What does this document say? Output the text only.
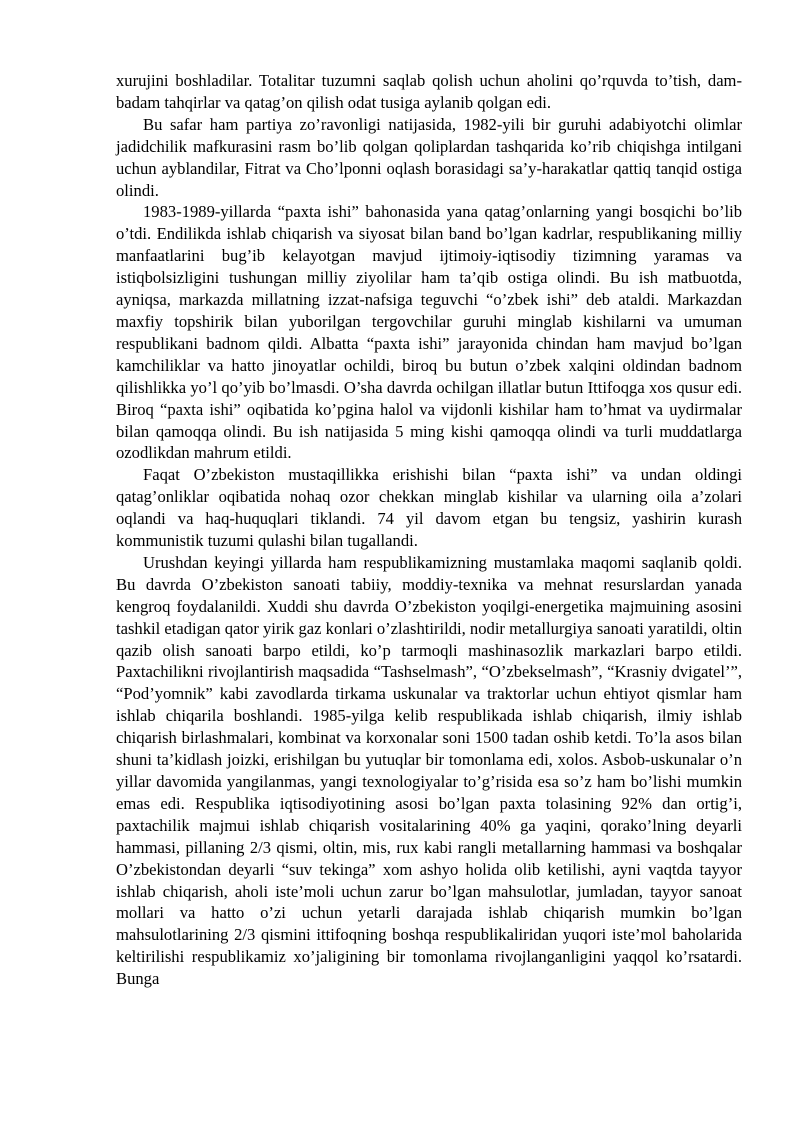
xurujini boshladilar. Totalitar tuzumni saqlab qolish uchun aholini qo’rquvda to’tish, dam-badam tahqirlar va qatag’on qilish odat tusiga aylanib qolgan edi.

Bu safar ham partiya zo’ravonligi natijasida, 1982-yili bir guruhi adabiyotchi olimlar jadidchilik mafkurasini rasm bo’lib qolgan qoliplardan tashqarida ko’rib chiqishga intilgani uchun ayblandilar, Fitrat va Cho’lponni oqlash borasidagi sa’y-harakatlar qattiq tanqid ostiga olindi.

1983-1989-yillarda “paxta ishi” bahonasida yana qatag’onlarning yangi bosqichi bo’lib o’tdi. Endilikda ishlab chiqarish va siyosat bilan band bo’lgan kadrlar, respublikaning milliy manfaatlarini bug’ib kelayotgan mavjud ijtimoiy-iqtisodiy tizimning yaramas va istiqbolsizligini tushungan milliy ziyolilar ham ta’qib ostiga olindi. Bu ish matbuotda, ayniqsa, markazda millatning izzat-nafsiga teguvchi “o’zbek ishi” deb ataldi. Markazdan maxfiy topshirik bilan yuborilgan tergovchilar guruhi minglab kishilarni va umuman respublikani badnom qildi. Albatta “paxta ishi” jarayonida chindan ham mavjud bo’lgan kamchiliklar va hatto jinoyatlar ochildi, biroq bu butun o’zbek xalqini oldindan badnom qilishlikka yo’l qo’yib bo’lmasdi. O’sha davrda ochilgan illatlar butun Ittifoqga xos qusur edi. Biroq “paxta ishi” oqibatida ko’pgina halol va vijdonli kishilar ham to’hmat va uydirmalar bilan qamoqqa olindi. Bu ish natijasida 5 ming kishi qamoqqa olindi va turli muddatlarga ozodlikdan mahrum etildi.

Faqat O’zbekiston mustaqillikka erishishi bilan “paxta ishi” va undan oldingi qatag’onliklar oqibatida nohaq ozor chekkan minglab kishilar va ularning oila a’zolari oqlandi va haq-huquqlari tiklandi. 74 yil davom etgan bu tengsiz, yashirin kurash kommunistik tuzumi qulashi bilan tugallandi.

Urushdan keyingi yillarda ham respublikamizning mustamlaka maqomi saqlanib qoldi. Bu davrda O’zbekiston sanoati tabiiy, moddiy-texnika va mehnat resurslardan yanada kengroq foydalanildi. Xuddi shu davrda O’zbekiston yoqilgi-energetika majmuining asosini tashkil etadigan qator yirik gaz konlari o’zlashtirildi, nodir metallurgiya sanoati yaratildi, oltin qazib olish sanoati barpo etildi, ko’p tarmoqli mashinasozlik markazlari barpo etildi. Paxtachilikni rivojlantirish maqsadida “Tashselmash”, “O’zbekselmash”, “Krasniy dvigatel’”, “Pod’yomnik” kabi zavodlarda tirkama uskunalar va traktorlar uchun ehtiyot qismlar ham ishlab chiqarila boshlandi. 1985-yilga kelib respublikada ishlab chiqarish, ilmiy ishlab chiqarish birlashmalari, kombinat va korxonalar soni 1500 tadan oshib ketdi. To’la asos bilan shuni ta’kidlash joizki, erishilgan bu yutuqlar bir tomonlama edi, xolos. Asbob-uskunalar o’n yillar davomida yangilanmas, yangi texnologiyalar to’g’risida esa so’z ham bo’lishi mumkin emas edi. Respublika iqtisodiyotining asosi bo’lgan paxta tolasining 92% dan ortig’i, paxtachilik majmui ishlab chiqarish vositalarining 40% ga yaqini, qorako’lning deyarli hammasi, pillaning 2/3 qismi, oltin, mis, rux kabi rangli metallarning hammasi va boshqalar O’zbekistondan deyarli “suv tekinga” xom ashyo holida olib ketilishi, ayni vaqtda tayyor ishlab chiqarish, aholi iste’moli uchun zarur bo’lgan mahsulotlar, jumladan, tayyor sanoat mollari va hatto o’zi uchun yetarli darajada ishlab chiqarish mumkin bo’lgan mahsulotlarining 2/3 qismini ittifoqning boshqa respublikaliridan yuqori iste’mol baholarida keltirilishi respublikamiz xo’jaligining bir tomonlama rivojlanganligini yaqqol ko’rsatardi. Bunga
